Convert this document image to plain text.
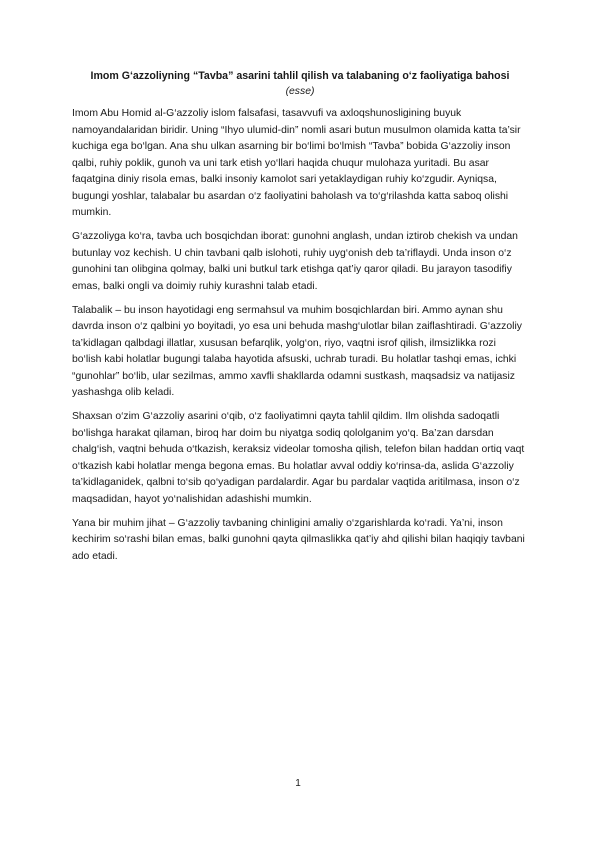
Imom G‘azzoliyning “Tavba” asarini tahlil qilish va talabaning o‘z faoliyatiga bahosi

(esse)

Imom Abu Homid al-G‘azzoliy islom falsafasi, tasavvufi va axloqshunosligining buyuk namoyandalaridan biridir. Uning “Ihyo ulumid-din” nomli asari butun musulmon olamida katta ta’sir kuchiga ega bo‘lgan. Ana shu ulkan asarning bir bo‘limi bo‘lmish “Tavba” bobida G‘azzoliy inson qalbi, ruhiy poklik, gunoh va uni tark etish yo‘llari haqida chuqur mulohaza yuritadi. Bu asar faqatgina diniy risola emas, balki insoniy kamolot sari yetaklaydigan ruhiy ko‘zgudir. Ayniqsa, bugungi yoshlar, talabalar bu asardan o‘z faoliyatini baholash va to‘g‘rilashda katta saboq olishi mumkin.

G‘azzoliyga ko‘ra, tavba uch bosqichdan iborat: gunohni anglash, undan iztirob chekish va undan butunlay voz kechish. U chin tavbani qalb islohoti, ruhiy uyg‘onish deb ta’riflaydi. Unda inson o‘z gunohini tan olibgina qolmay, balki uni butkul tark etishga qat’iy qaror qiladi. Bu jarayon tasodifiy emas, balki ongli va doimiy ruhiy kurashni talab etadi.

Talabalik – bu inson hayotidagi eng sermahsul va muhim bosqichlardan biri. Ammo aynan shu davrda inson o‘z qalbini yo boyitadi, yo esa uni behuda mashg‘ulotlar bilan zaiflashtiradi. G‘azzoliy ta’kidlagan qalbdagi illatlar, xususan befarqlik, yolg‘on, riyo, vaqtni isrof qilish, ilmsizlikka rozi bo‘lish kabi holatlar bugungi talaba hayotida afsuski, uchrab turadi. Bu holatlar tashqi emas, ichki “gunohlar” bo‘lib, ular sezilmas, ammo xavfli shakllarda odamni sustkash, maqsadsiz va natijasiz yashashga olib keladi.

Shaxsan o‘zim G‘azzoliy asarini o‘qib, o‘z faoliyatimni qayta tahlil qildim. Ilm olishda sadoqatli bo‘lishga harakat qilaman, biroq har doim bu niyatga sodiq qololganim yo‘q. Ba’zan darsdan chalg‘ish, vaqtni behuda o‘tkazish, keraksiz videolar tomosha qilish, telefon bilan haddan ortiq vaqt o‘tkazish kabi holatlar menga begona emas. Bu holatlar avval oddiy ko‘rinsa-da, aslida G‘azzoliy ta’kidlaganidek, qalbni to‘sib qo‘yadigan pardalardir. Agar bu pardalar vaqtida aritilmasa, inson o‘z maqsadidan, hayot yo‘nalishidan adashishi mumkin.

Yana bir muhim jihat – G‘azzoliy tavbaning chinligini amaliy o‘zgarishlarda ko‘radi. Ya’ni, inson kechirim so‘rashi bilan emas, balki gunohni qayta qilmaslikka qat’iy ahd qilishi bilan haqiqiy tavbani ado etadi.

1
